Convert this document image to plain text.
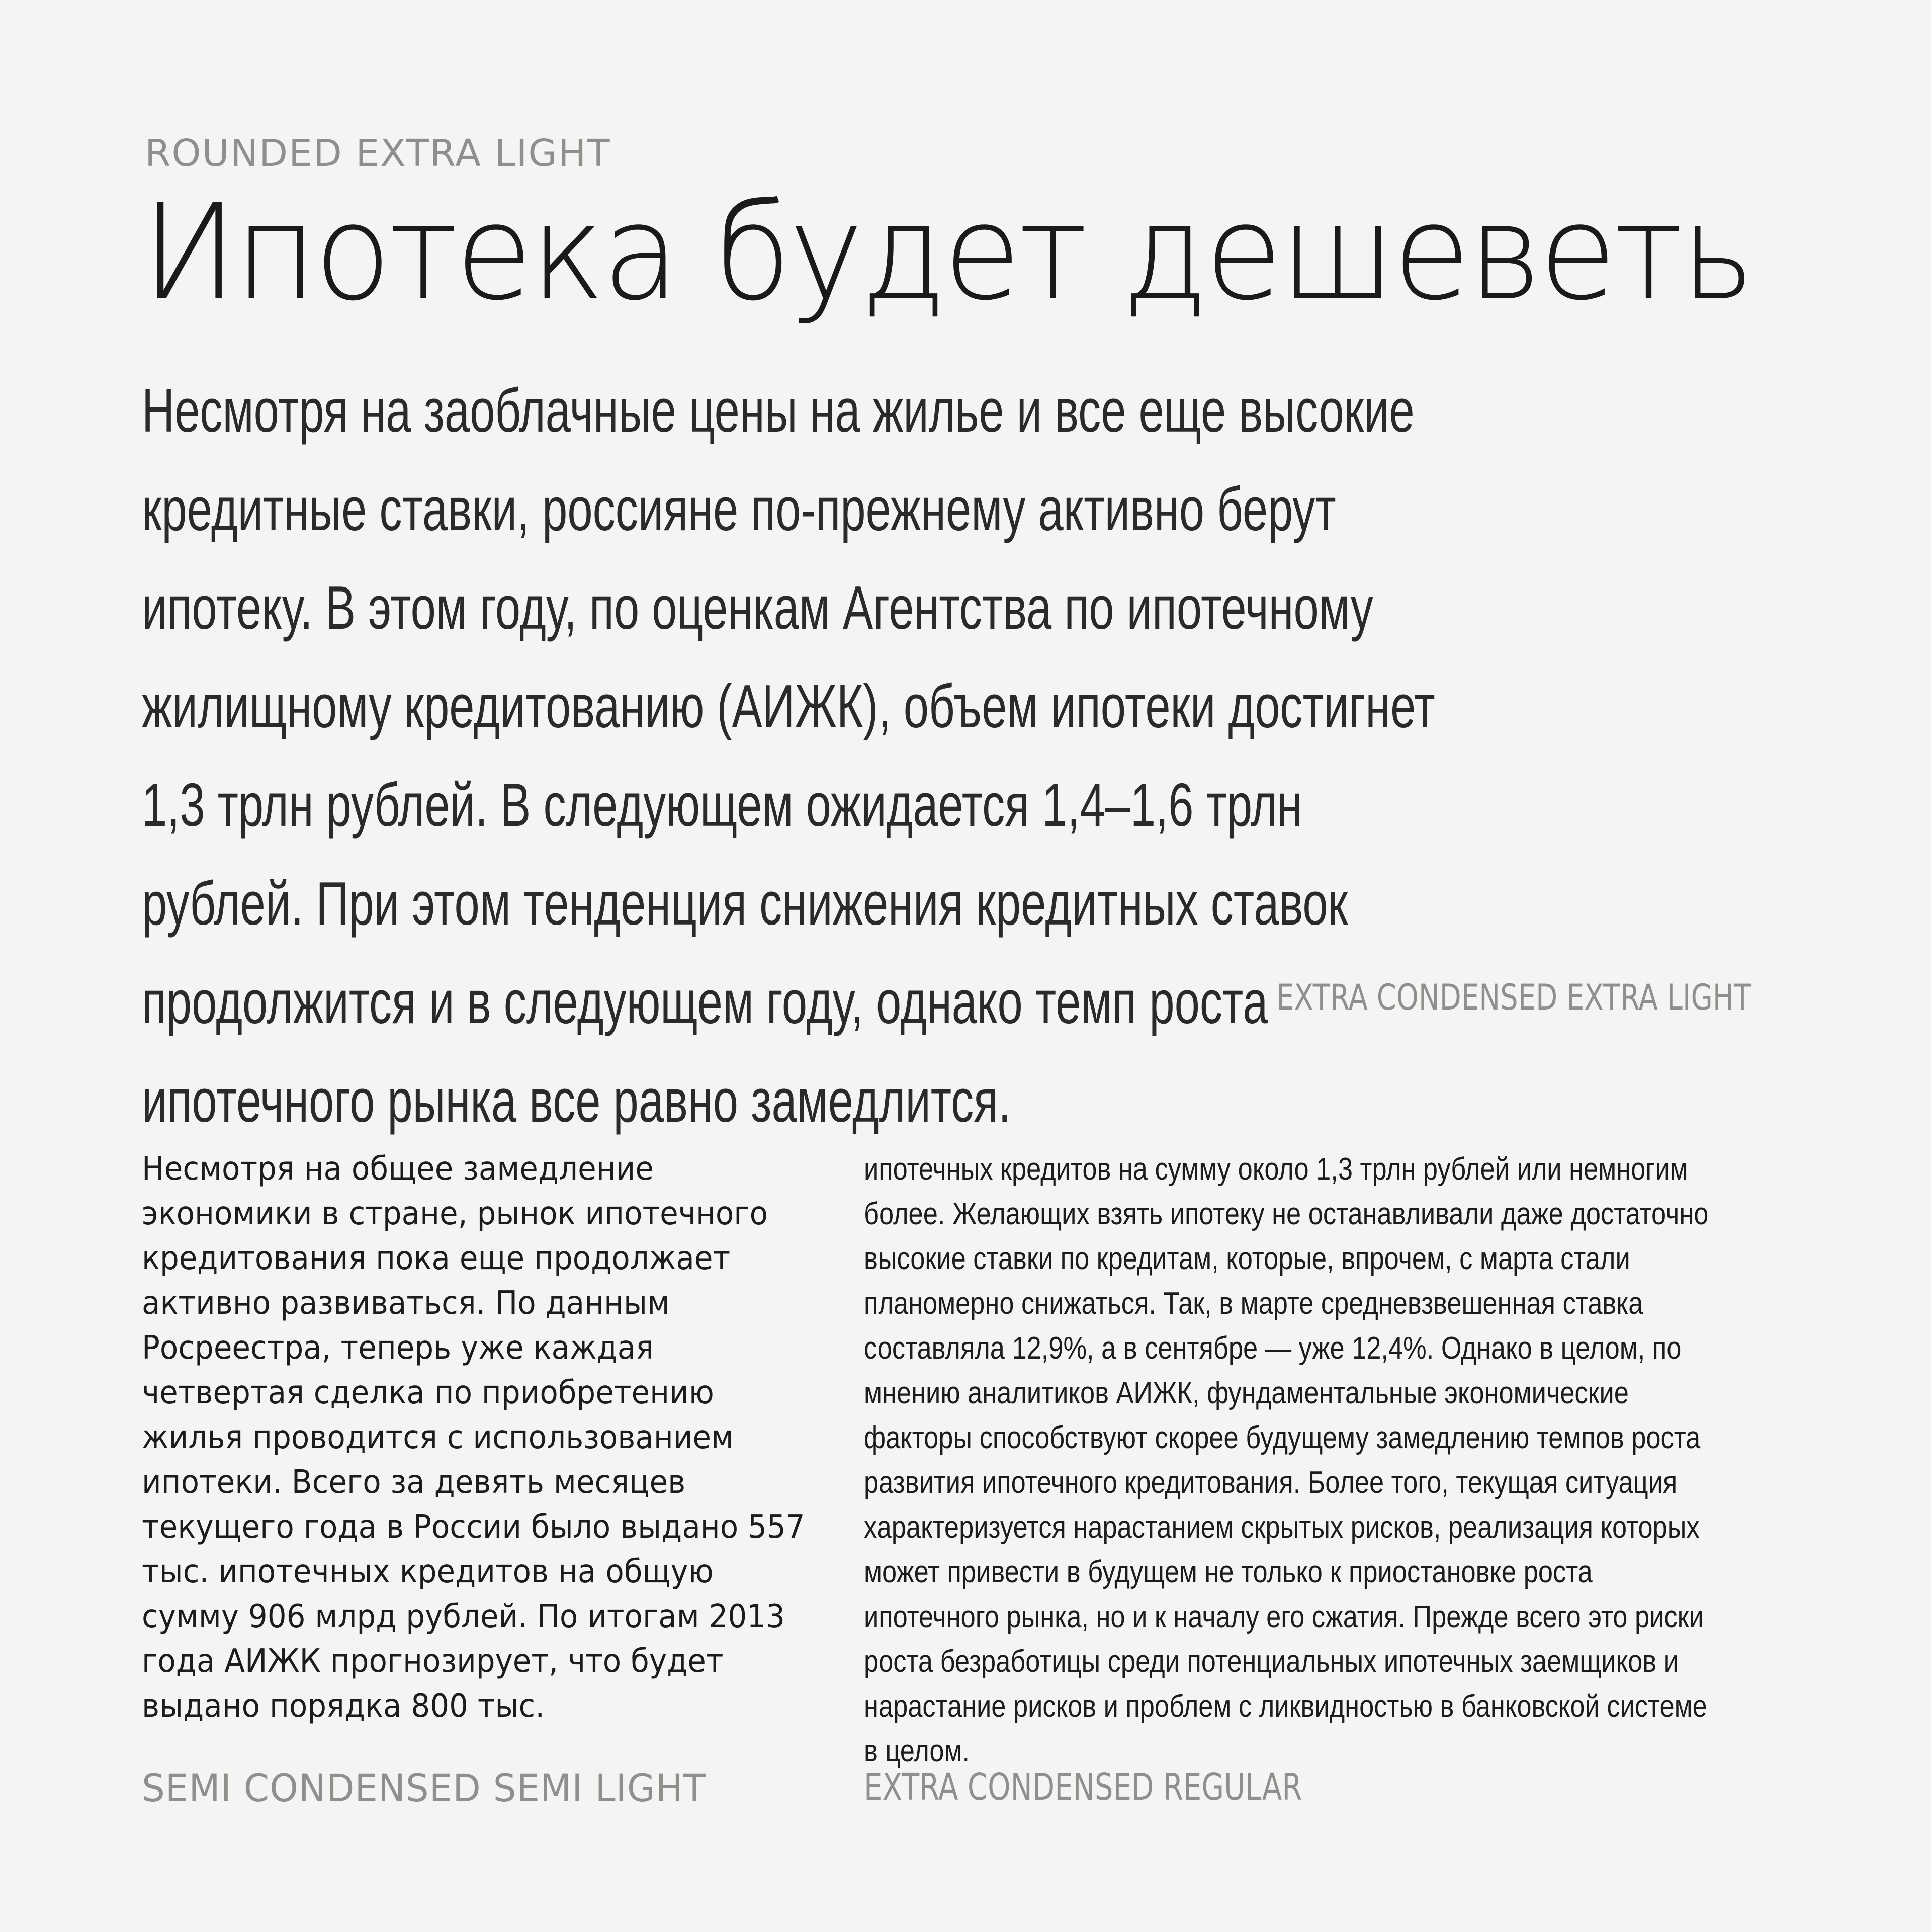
ROUNDED EXTRA LIGHT
Ипотека будет дешеветь

Несмотря на заоблачные цены на жилье и все еще высокие кредитные ставки, россияне по-прежнему активно берут ипотеку. В этом году, по оценкам Агентства по ипотечному жилищному кредитованию (АИЖК), объем ипотеки достигнет 1,3 трлн рублей. В следующем ожидается 1,4–1,6 трлн рублей. При этом тенденция снижения кредитных ставок продолжится и в следующем году, однако темп роста ипотечного рынка все равно замедлится.

EXTRA CONDENSED EXTRA LIGHT

Несмотря на общее замедление экономики в стране, рынок ипотечного кредитования пока еще продолжает активно развиваться. По данным Росреестра, теперь уже каждая четвертая сделка по приобретению жилья проводится с использованием ипотеки. Всего за девять месяцев текущего года в России было выдано 557 тыс. ипотечных кредитов на общую сумму 906 млрд рублей. По итогам 2013 года АИЖК прогнозирует, что будет выдано порядка 800 тыс.

ипотечных кредитов на сумму около 1,3 трлн рублей или немногим более. Желающих взять ипотеку не останавливали даже достаточно высокие ставки по кредитам, которые, впрочем, с марта стали планомерно снижаться. Так, в марте средневзвешенная ставка составляла 12,9%, а в сентябре — уже 12,4%. Однако в целом, по мнению аналитиков АИЖК, фундаментальные экономические факторы способствуют скорее будущему замедлению темпов роста развития ипотечного кредитования. Более того, текущая ситуация характеризуется нарастанием скрытых рисков, реализация которых может привести в будущем не только к приостановке роста ипотечного рынка, но и к началу его сжатия. Прежде всего это риски роста безработицы среди потенциальных ипотечных заемщиков и нарастание рисков и проблем с ликвидностью в банковской системе в целом.

SEMI CONDENSED SEMI LIGHT	EXTRA CONDENSED REGULAR
